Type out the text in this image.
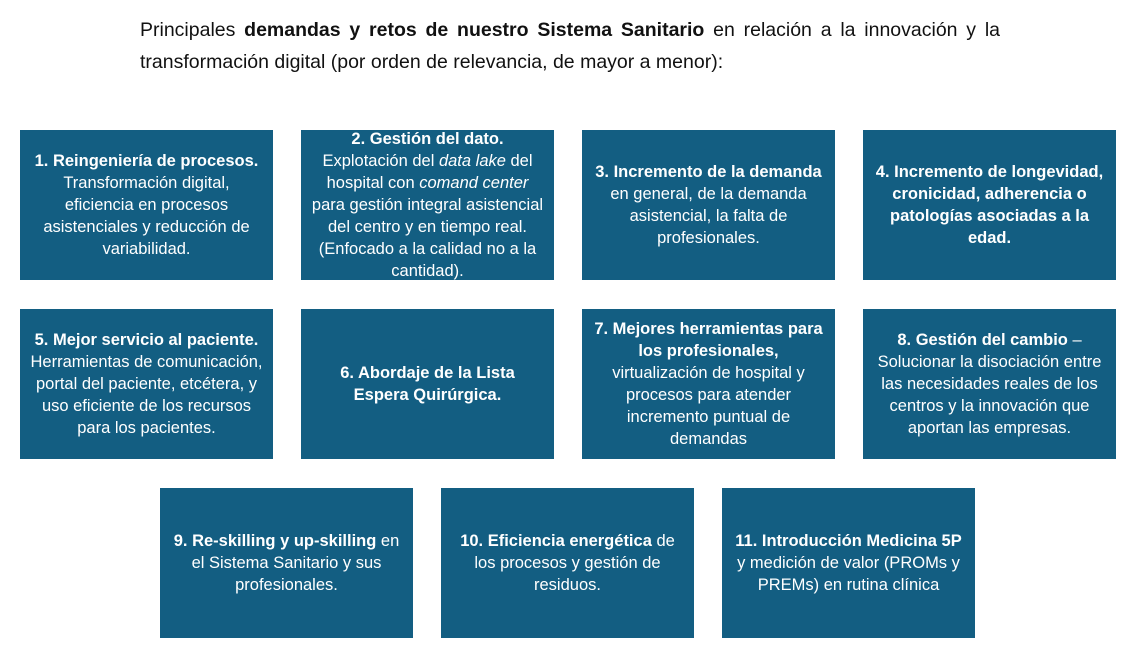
Principales demandas y retos de nuestro Sistema Sanitario en relación a la innovación y la transformación digital (por orden de relevancia, de mayor a menor):
1. Reingeniería de procesos.
Transformación digital, eficiencia en procesos asistenciales y reducción de variabilidad.
2. Gestión del dato.
Explotación del data lake del hospital con comand center para gestión integral asistencial del centro y en tiempo real. (Enfocado a la calidad no a la cantidad).
3. Incremento de la demanda en general, de la demanda asistencial, la falta de profesionales.
4. Incremento de longevidad, cronicidad, adherencia o patologías asociadas a la edad.
5. Mejor servicio al paciente.
Herramientas de comunicación, portal del paciente, etcétera, y uso eficiente de los recursos para los pacientes.
6. Abordaje de la Lista Espera Quirúrgica.
7. Mejores herramientas para los profesionales, virtualización de hospital y procesos para atender incremento puntual de demandas
8. Gestión del cambio – Solucionar la disociación entre las necesidades reales de los centros y la innovación que aportan las empresas.
9. Re-skilling y up-skilling en el Sistema Sanitario y sus profesionales.
10. Eficiencia energética de los procesos y gestión de residuos.
11. Introducción Medicina 5P y medición de valor (PROMs y PREMs) en rutina clínica
